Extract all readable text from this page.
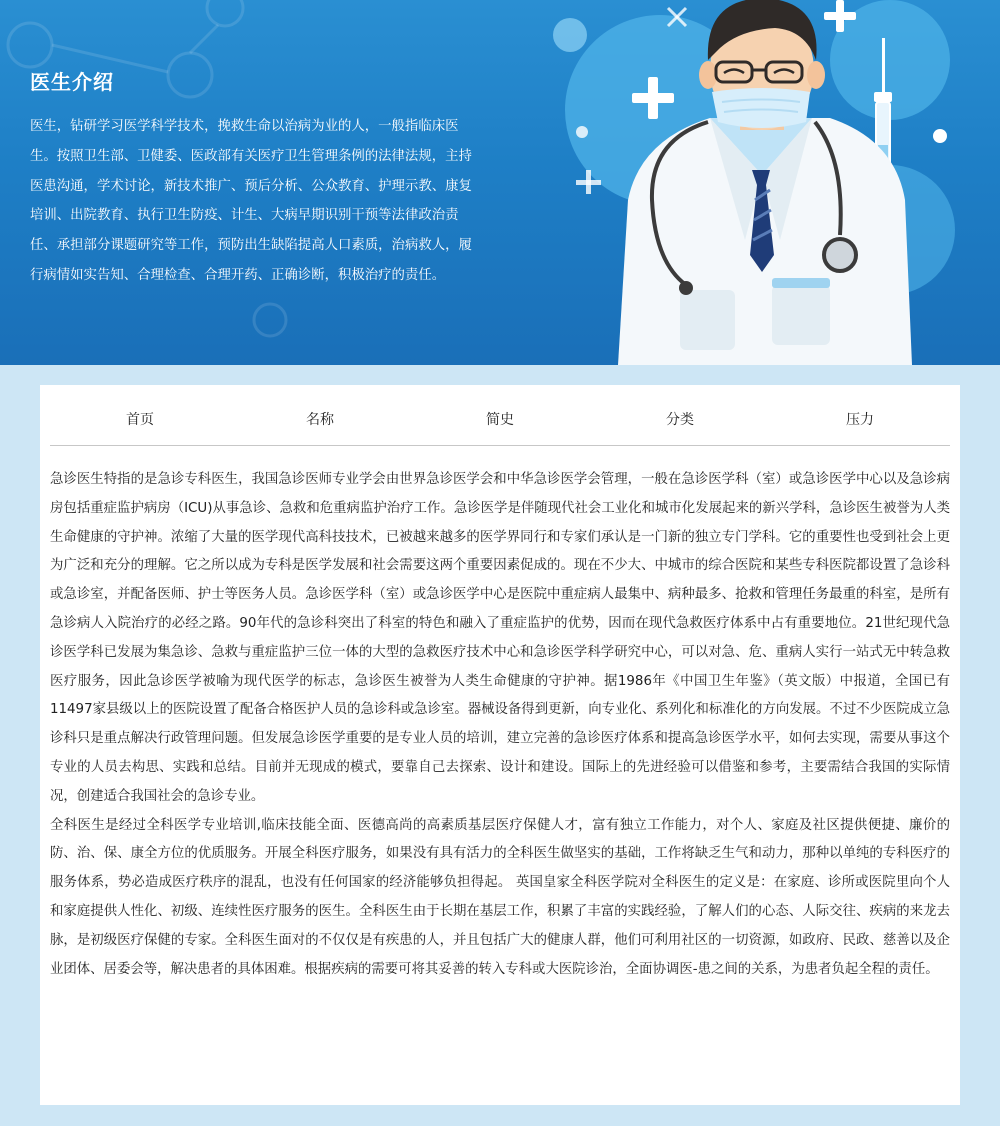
医生介绍
医生，钻研学习医学科学技术，挽救生命以治病为业的人，一般指临床医生。按照卫生部、卫健委、医政部有关医疗卫生管理条例的法律法规，主持医患沟通，学术讨论，新技术推广、预后分析、公众教育、护理示教、康复培训、出院教育、执行卫生防疫、计生、大病早期识别干预等法律政治责任、承担部分课题研究等工作，预防出生缺陷提高人口素质，治病救人，履行病情如实告知、合理检查、合理开药、正确诊断，积极治疗的责任。
首页	名称	简史	分类	压力

急诊医生特指的是急诊专科医生，我国急诊医师专业学会由世界急诊医学会和中华急诊医学会管理，一般在急诊医学科（室）或急诊医学中心以及急诊病房包括重症监护病房（ICU)从事急诊、急救和危重病监护治疗工作。急诊医学是伴随现代社会工业化和城市化发展起来的新兴学科，急诊医生被誉为人类生命健康的守护神。浓缩了大量的医学现代高科技技术，已被越来越多的医学界同行和专家们承认是一门新的独立专门学科。它的重要性也受到社会上更为广泛和充分的理解。它之所以成为专科是医学发展和社会需要这两个重要因素促成的。现在不少大、中城市的综合医院和某些专科医院都设置了急诊科或急诊室，并配备医师、护士等医务人员。急诊医学科（室）或急诊医学中心是医院中重症病人最集中、病种最多、抢救和管理任务最重的科室，是所有急诊病人入院治疗的必经之路。90年代的急诊科突出了科室的特色和融入了重症监护的优势，因而在现代急救医疗体系中占有重要地位。21世纪现代急诊医学科已发展为集急诊、急救与重症监护三位一体的大型的急救医疗技术中心和急诊医学科学研究中心，可以对急、危、重病人实行一站式无中转急救医疗服务，因此急诊医学被喻为现代医学的标志，急诊医生被誉为人类生命健康的守护神。据1986年《中国卫生年鉴》（英文版）中报道，全国已有11497家县级以上的医院设置了配备合格医护人员的急诊科或急诊室。器械设备得到更新，向专业化、系列化和标准化的方向发展。不过不少医院成立急诊科只是重点解决行政管理问题。但发展急诊医学重要的是专业人员的培训，建立完善的急诊医疗体系和提高急诊医学水平，如何去实现，需要从事这个专业的人员去构思、实践和总结。目前并无现成的模式，要靠自己去探索、设计和建设。国际上的先进经验可以借鉴和参考，主要需结合我国的实际情况，创建适合我国社会的急诊专业。

全科医生是经过全科医学专业培训,临床技能全面、医德高尚的高素质基层医疗保健人才，富有独立工作能力，对个人、家庭及社区提供便捷、廉价的防、治、保、康全方位的优质服务。开展全科医疗服务，如果没有具有活力的全科医生做坚实的基础，工作将缺乏生气和动力，那种以单纯的专科医疗的服务体系，势必造成医疗秩序的混乱，也没有任何国家的经济能够负担得起。 英国皇家全科医学院对全科医生的定义是：在家庭、诊所或医院里向个人和家庭提供人性化、初级、连续性医疗服务的医生。全科医生由于长期在基层工作，积累了丰富的实践经验，了解人们的心态、人际交往、疾病的来龙去脉，是初级医疗保健的专家。全科医生面对的不仅仅是有疾患的人，并且包括广大的健康人群，他们可利用社区的一切资源，如政府、民政、慈善以及企业团体、居委会等，解决患者的具体困难。根据疾病的需要可将其妥善的转入专科或大医院诊治，全面协调医-患之间的关系，为患者负起全程的责任。
